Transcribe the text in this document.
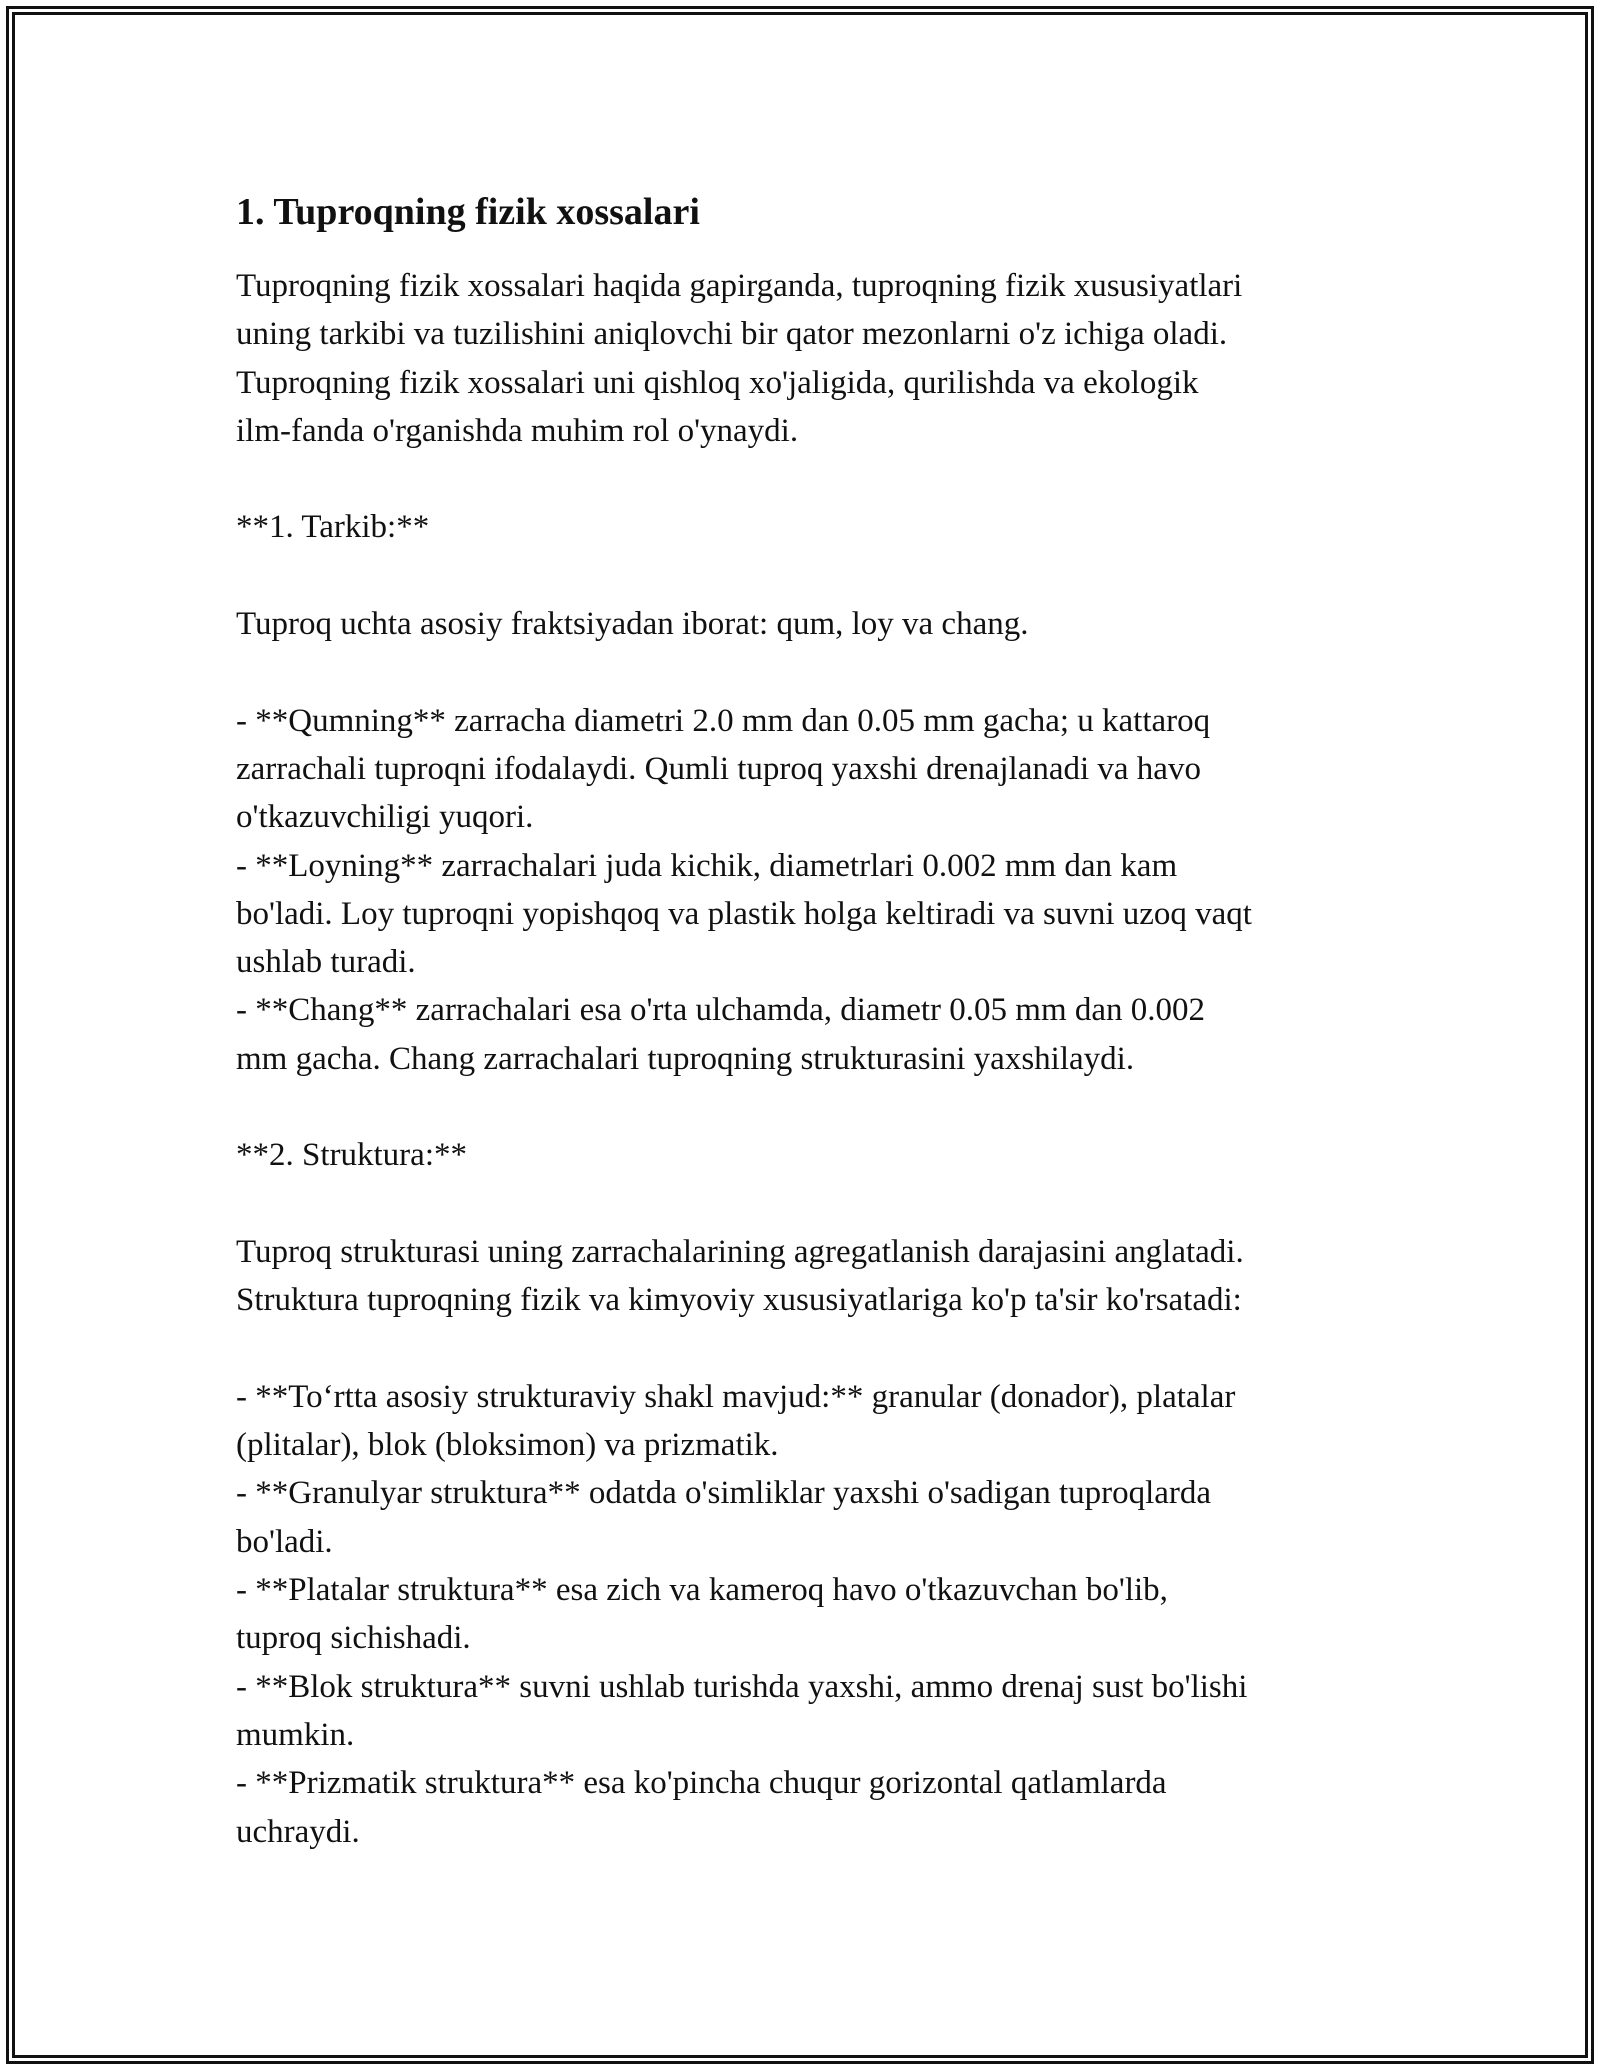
1. Tuproqning fizik xossalari
Tuproqning fizik xossalari haqida gapirganda, tuproqning fizik xususiyatlari
uning tarkibi va tuzilishini aniqlovchi bir qator mezonlarni o'z ichiga oladi.
Tuproqning fizik xossalari uni qishloq xo'jaligida, qurilishda va ekologik
ilm-fanda o'rganishda muhim rol o'ynaydi.
**1. Tarkib:**
Tuproq uchta asosiy fraktsiyadan iborat: qum, loy va chang.
- **Qumning** zarracha diametri 2.0 mm dan 0.05 mm gacha; u kattaroq
zarrachali tuproqni ifodalaydi. Qumli tuproq yaxshi drenajlanadi va havo
o'tkazuvchiligi yuqori.
- **Loyning** zarrachalari juda kichik, diametrlari 0.002 mm dan kam
bo'ladi. Loy tuproqni yopishqoq va plastik holga keltiradi va suvni uzoq vaqt
ushlab turadi.
- **Chang** zarrachalari esa o'rta ulchamda, diametr 0.05 mm dan 0.002
mm gacha. Chang zarrachalari tuproqning strukturasini yaxshilaydi.
**2. Struktura:**
Tuproq strukturasi uning zarrachalarining agregatlanish darajasini anglatadi.
Struktura tuproqning fizik va kimyoviy xususiyatlariga ko'p ta'sir ko'rsatadi:
- **To‘rtta asosiy strukturaviy shakl mavjud:** granular (donador), platalar
(plitalar), blok (bloksimon) va prizmatik.
- **Granulyar struktura** odatda o'simliklar yaxshi o'sadigan tuproqlarda
bo'ladi.
- **Platalar struktura** esa zich va kameroq havo o'tkazuvchan bo'lib,
tuproq sichishadi.
- **Blok struktura** suvni ushlab turishda yaxshi, ammo drenaj sust bo'lishi
mumkin.
- **Prizmatik struktura** esa ko'pincha chuqur gorizontal qatlamlarda
uchraydi.
